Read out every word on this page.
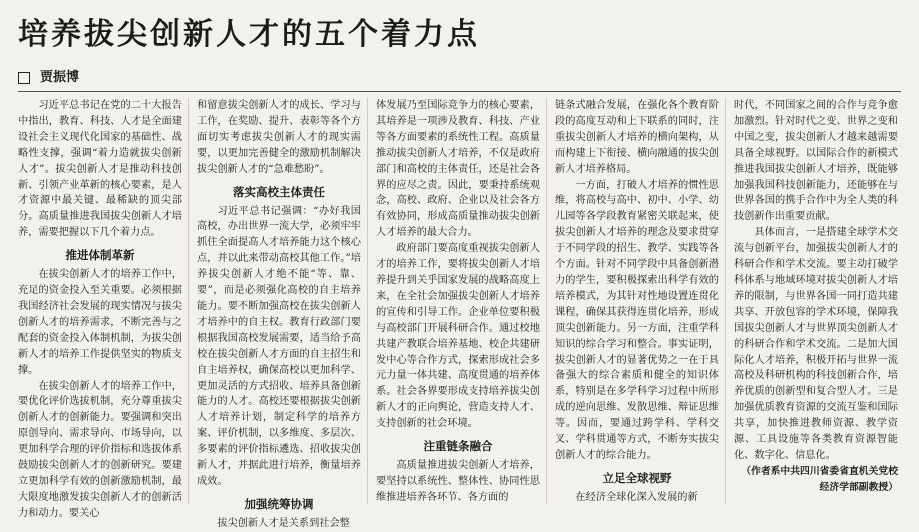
培养拔尖创新人才的五个着力点
贾振博

习近平总书记在党的二十大报告中指出，教育、科技、人才是全面建设社会主义现代化国家的基础性、战略性支撑，强调“着力造就拔尖创新人才”。拔尖创新人才是推动科技创新、引领产业革新的核心要素，是人才资源中最关键、最稀缺的顶尖部分。高质量推进我国拔尖创新人才培养，需要把握以下几个着力点。

推进体制革新

在拔尖创新人才的培养工作中，充足的资金投入至关重要。必须根据我国经济社会发展的现实情况与拔尖创新人才的培养需求，不断完善与之配套的资金投入体制机制，为拔尖创新人才的培养工作提供坚实的物质支撑。

在拔尖创新人才的培养工作中，要优化评价选拔机制，充分尊重拔尖创新人才的创新能力。要强调和突出原创导向、需求导向、市场导向，以更加科学合理的评价指标和选拔体系鼓励拔尖创新人才的创新研究。要建立更加科学有效的创新激励机制，最大限度地激发拔尖创新人才的创新活力和动力。要关心

和留意拔尖创新人才的成长、学习与工作，在奖励、提升、表彰等各个方面切实考虑拔尖创新人才的现实需要，以更加完善健全的激励机制解决拔尖创新人才的“急难愁盼”。

落实高校主体责任

习近平总书记强调：“办好我国高校，办出世界一流大学，必须牢牢抓住全面提高人才培养能力这个核心点，并以此来带动高校其他工作。”培养拔尖创新人才绝不能“等、靠、要”，而是必须强化高校的自主培养能力。要不断加强高校在拔尖创新人才培养中的自主权。教育行政部门要根据我国高校发展需要，适当给予高校在拔尖创新人才方面的自主招生和自主培养权，确保高校以更加科学、更加灵活的方式招收、培养具备创新能力的人才。高校还要根据拔尖创新人才培养计划，制定科学的培养方案、评价机制，以多维度、多层次、多要素的评价指标遴选、招收拔尖创新人才，并据此进行培养，衡量培养成效。

加强统筹协调

拔尖创新人才是关系到社会整

体发展乃至国际竞争力的核心要素，其培养是一项涉及教育、科技、产业等各方面要素的系统性工程。高质量推动拔尖创新人才培养，不仅是政府部门和高校的主体责任，还是社会各界的应尽之责。因此，要秉持系统观念，高校、政府、企业以及社会各方有效协同，形成高质量推动拔尖创新人才培养的最大合力。

政府部门要高度重视拔尖创新人才的培养工作，要将拔尖创新人才培养提升到关乎国家发展的战略高度上来，在全社会加强拔尖创新人才培养的宣传和引导工作。企业单位要积极与高校部门开展科研合作。通过校地共建产教联合培养基地、校企共建研发中心等合作方式，探索形成社会多元力量一体共建、高度贯通的培养体系。社会各界要形成支持培养拔尖创新人才的正向舆论，营造支持人才、支持创新的社会环境。

注重链条融合

高质量推进拔尖创新人才培养，要坚持以系统性、整体性、协同性思维推进培养各环节、各方面的

链条式融合发展，在强化各个教育阶段的高度互动和上下联系的同时，注重拔尖创新人才培养的横向架构，从而构建上下衔接、横向融通的拔尖创新人才培养格局。

一方面，打破人才培养的惯性思维，将高校与高中、初中、小学、幼儿园等各学段教育紧密关联起来，使拔尖创新人才培养的理念及要求贯穿于不同学段的招生、教学、实践等各个方面。针对不同学段中具备创新潜力的学生，要积极探索出科学有效的培养模式，为其针对性地设置连贯化课程，确保其获得连贯化培养，形成顶尖创新能力。另一方面，注重学科知识的综合学习和整合。事实证明，拔尖创新人才的显著优势之一在于具备强大的综合素质和健全的知识体系，特别是在多学科学习过程中所形成的逆向思维、发散思维、辩证思维等。因而，要通过跨学科、学科交叉、学科贯通等方式，不断夯实拔尖创新人才的综合能力。

立足全球视野

在经济全球化深入发展的新

时代，不同国家之间的合作与竞争愈加激烈。针对时代之变、世界之变和中国之变，拔尖创新人才越来越需要具备全球视野。以国际合作的新模式推进我国拔尖创新人才培养，既能够加强我国科技创新能力，还能够在与世界各国的携手合作中为全人类的科技创新作出重要贡献。

具体而言，一是搭建全球学术交流与创新平台，加强拔尖创新人才的科研合作和学术交流。要主动打破学科体系与地域环境对拔尖创新人才培养的限制，与世界各国一同打造共建共享、开放包容的学术环境，保障我国拔尖创新人才与世界顶尖创新人才的科研合作和学术交流。二是加大国际化人才培养，积极开拓与世界一流高校及科研机构的科技创新合作，培养优质的创新型和复合型人才。三是加强优质教育资源的交流互鉴和国际共享，加快推进教师资源、教学资源、工具设施等各类教育资源智能化、数字化、信息化。

（作者系中共四川省委省直机关党校经济学部副教授）
